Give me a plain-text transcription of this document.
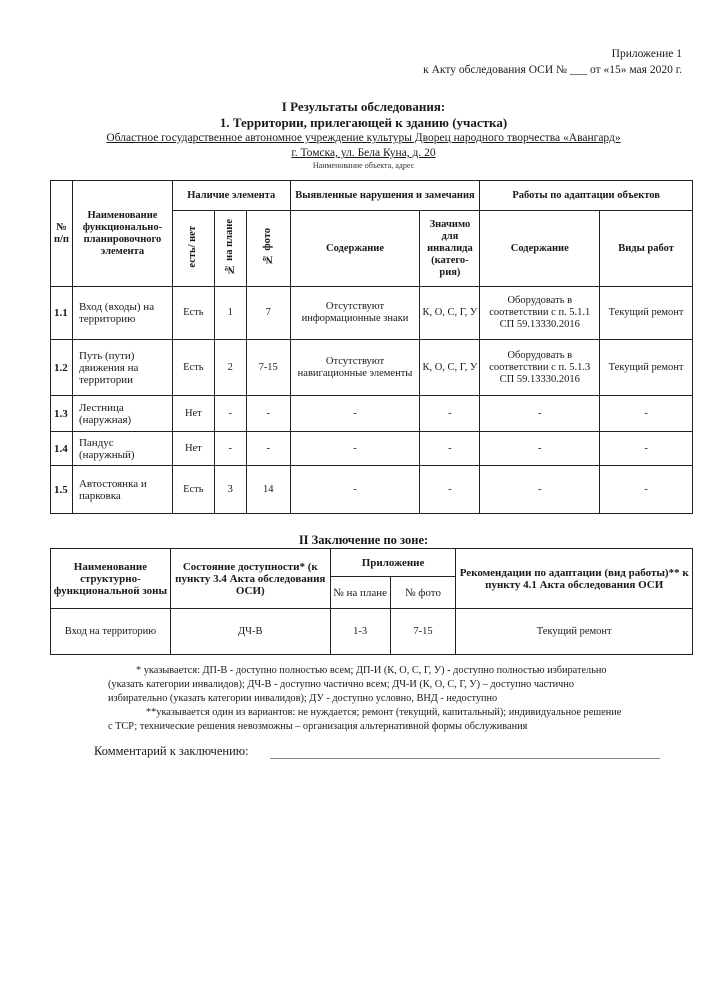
Приложение 1
к Акту обследования ОСИ № ___ от «15» мая 2020 г.
I Результаты обследования:
1. Территории, прилегающей к зданию (участка)
Областное государственное автономное учреждение культуры Дворец народного творчества «Авангард»
г. Томска, ул. Бела Куна, д. 20
Наименование объекта, адрес
№ п/п	Наименование функционально-планировочного элемента	Наличие элемента			Выявленные нарушения и замечания		Работы по адаптации объектов	
		есть/ нет	№ на плане	№ фото	Содержание	Значимо для инвалида (катего-рия)	Содержание	Виды работ
1.1	Вход (входы) на территорию	Есть	1	7	Отсутствуют информационные знаки	К, О, С, Г, У	Оборудовать в соответствии с п. 5.1.1 СП 59.13330.2016	Текущий ремонт
1.2	Путь (пути) движения на территории	Есть	2	7-15	Отсутствуют навигационные элементы	К, О, С, Г, У	Оборудовать в соответствии с п. 5.1.3 СП 59.13330.2016	Текущий ремонт
1.3	Лестница (наружная)	Нет	-	-	-	-	-	-
1.4	Пандус (наружный)	Нет	-	-	-	-	-	-
1.5	Автостоянка и парковка	Есть	3	14	-	-	-	-
II Заключение по зоне:
Наименование структурно-функциональной зоны	Состояние доступности* (к пункту 3.4 Акта обследования ОСИ)	Приложение		Рекомендации по адаптации (вид работы)** к пункту 4.1 Акта обследования ОСИ
		№ на плане	№ фото	
Вход на территорию	ДЧ-В	1-3	7-15	Текущий ремонт
* указывается: ДП-В - доступно полностью всем; ДП-И (К, О, С, Г, У) - доступно полностью избирательно
(указать категории инвалидов); ДЧ-В - доступно частично всем; ДЧ-И (К, О, С, Г, У) – доступно частично
избирательно (указать категории инвалидов); ДУ - доступно условно, ВНД - недоступно
**указывается один из вариантов: не нуждается; ремонт (текущий, капитальный); индивидуальное решение
с ТСР; технические решения невозможны – организация альтернативной формы обслуживания
Комментарий к заключению:
